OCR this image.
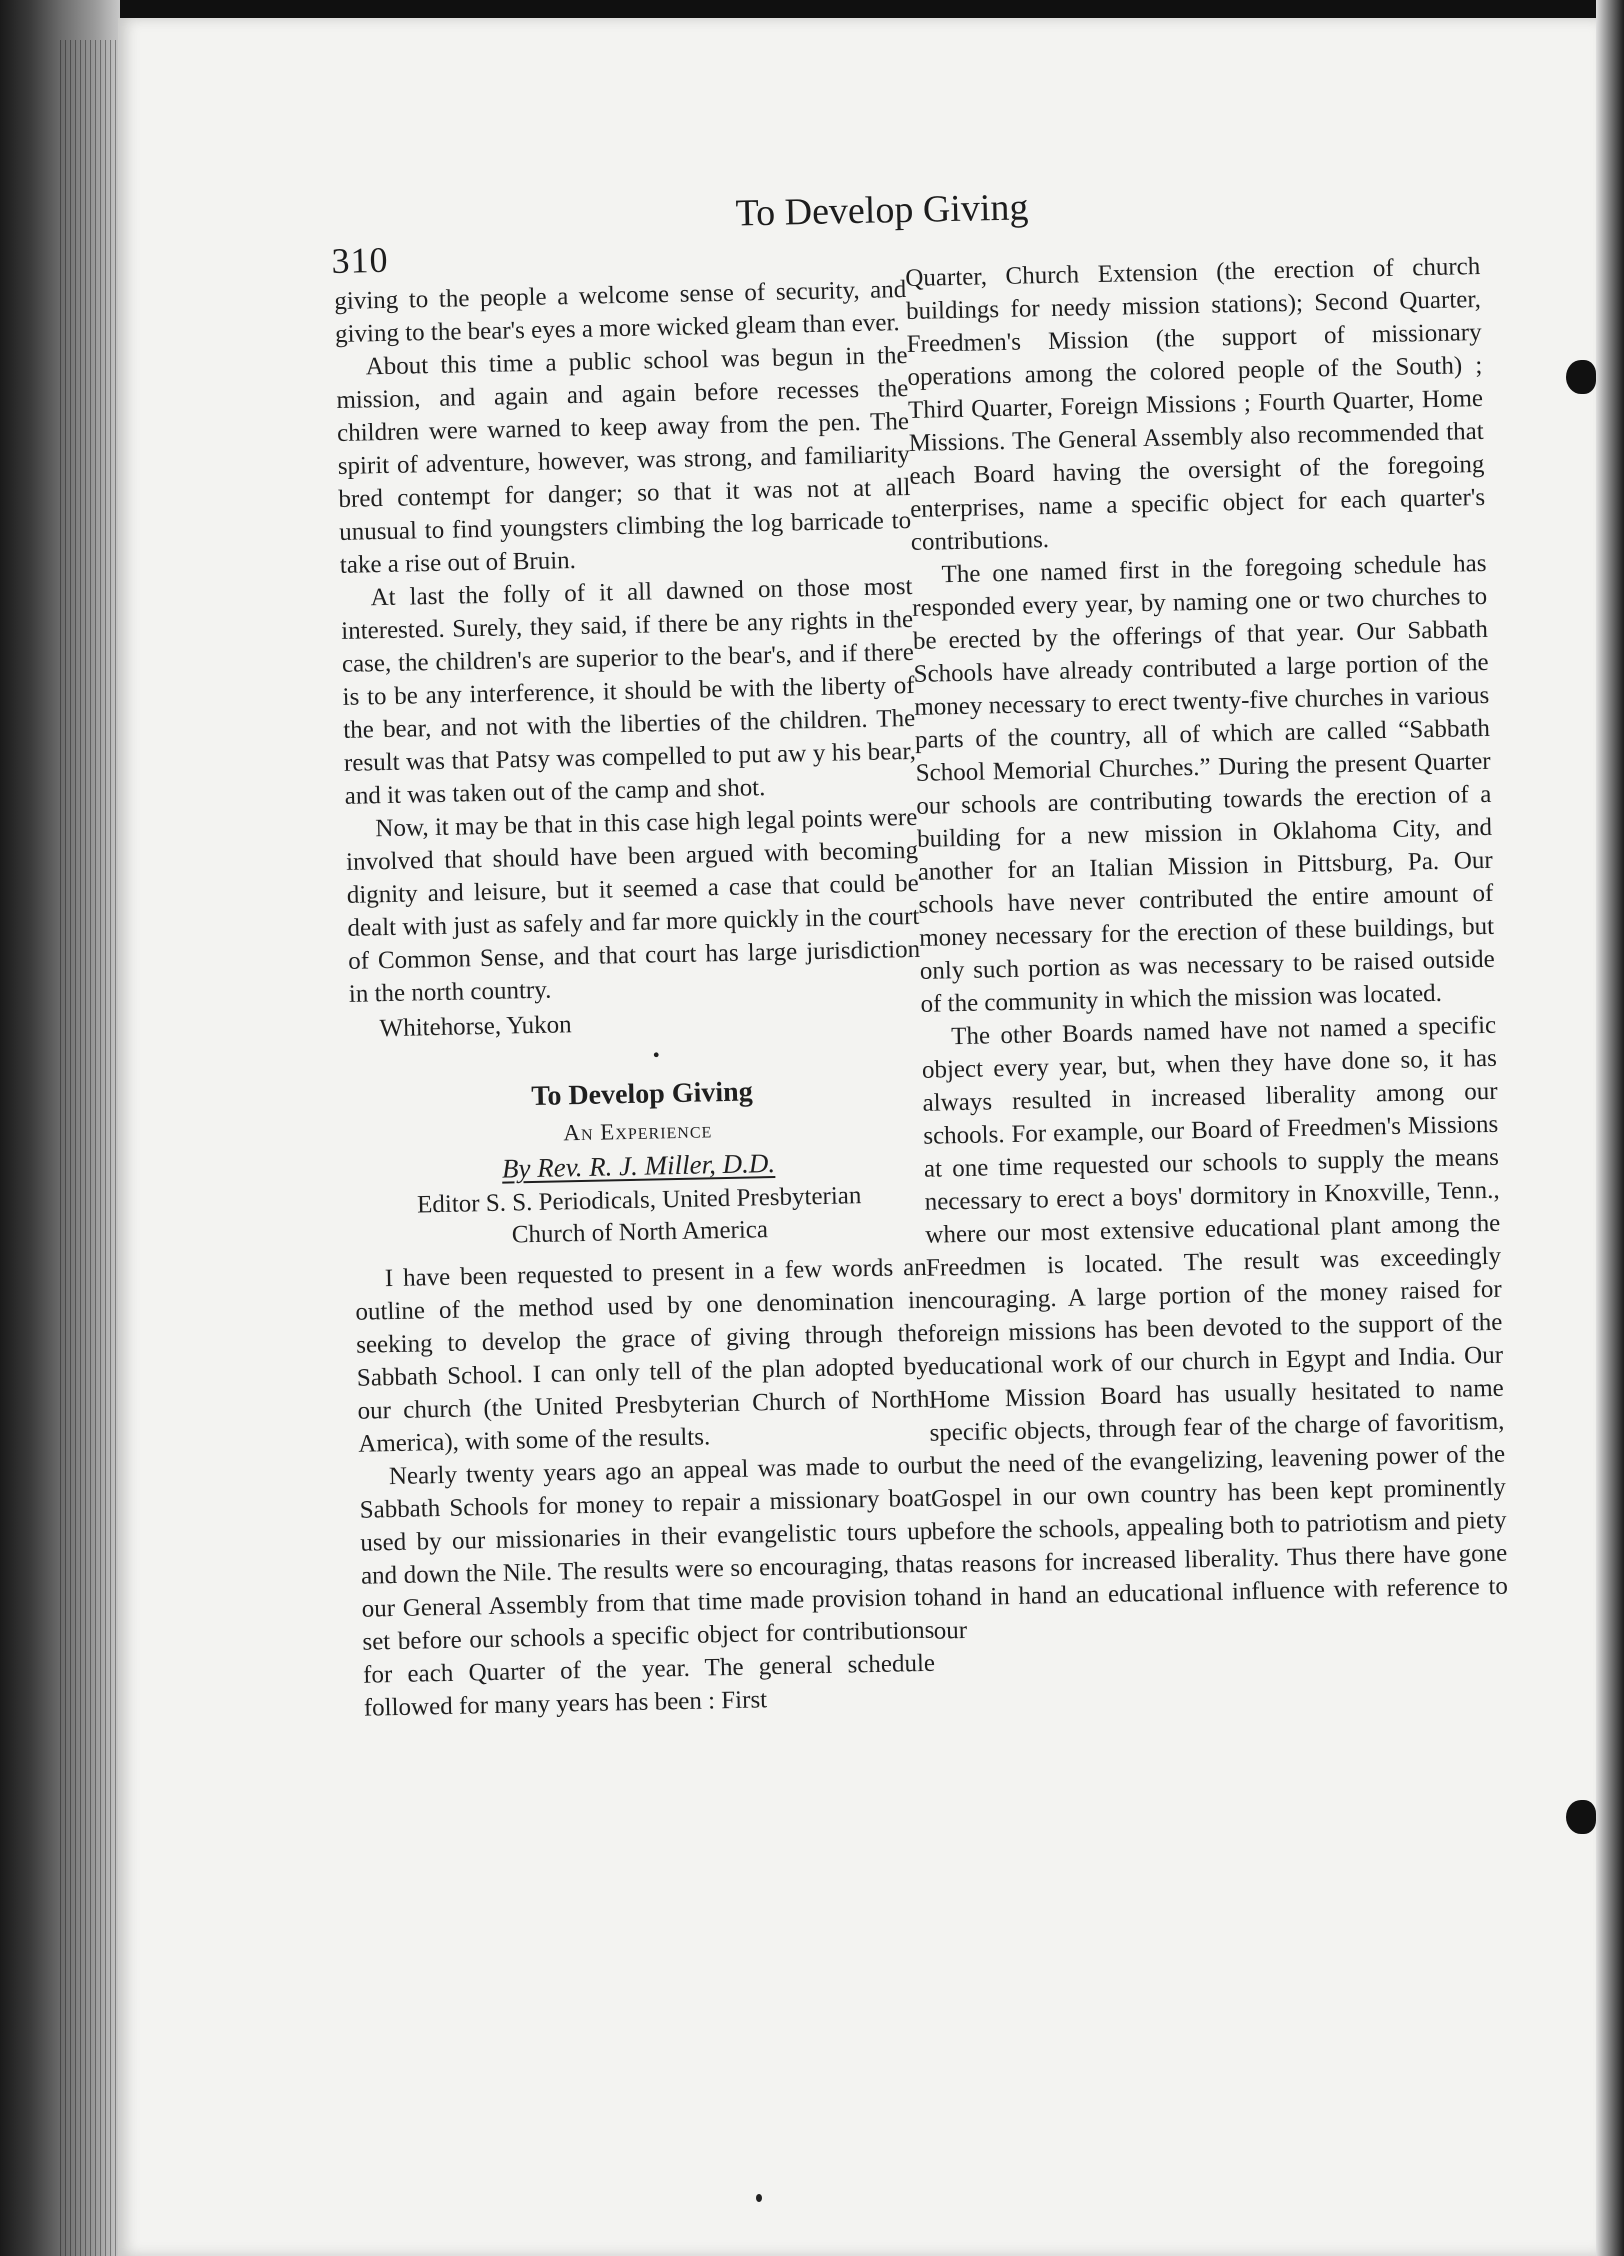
310
To Develop Giving

giving to the people a welcome sense of security, and giving to the bear's eyes a more wicked gleam than ever.

About this time a public school was begun in the mission, and again and again before recesses the children were warned to keep away from the pen. The spirit of adventure, however, was strong, and familiarity bred contempt for danger; so that it was not at all unusual to find youngsters climbing the log barricade to take a rise out of Bruin.

At last the folly of it all dawned on those most interested. Surely, they said, if there be any rights in the case, the children's are superior to the bear's, and if there is to be any interference, it should be with the liberty of the bear, and not with the liberties of the children. The result was that Patsy was compelled to put aw y his bear, and it was taken out of the camp and shot.

Now, it may be that in this case high legal points were involved that should have been argued with becoming dignity and leisure, but it seemed a case that could be dealt with just as safely and far more quickly in the court of Common Sense, and that court has large jurisdiction in the north country.

Whitehorse, Yukon
•
To Develop Giving
An Experience
By Rev. R. J. Miller, D.D.
Editor S. S. Periodicals, United Presbyterian
Church of North America

I have been requested to present in a few words an outline of the method used by one denomination in seeking to develop the grace of giving through the Sabbath School. I can only tell of the plan adopted by our church (the United Presbyterian Church of North America), with some of the results.

Nearly twenty years ago an appeal was made to our Sabbath Schools for money to repair a missionary boat used by our missionaries in their evangelistic tours up and down the Nile. The results were so encouraging, that our General Assembly from that time made provision to set before our schools a specific object for contributions for each Quarter of the year. The general schedule followed for many years has been : First

Quarter, Church Extension (the erection of church buildings for needy mission stations); Second Quarter, Freedmen's Mission (the support of missionary operations among the colored people of the South) ; Third Quarter, Foreign Missions ; Fourth Quarter, Home Missions. The General Assembly also recommended that each Board having the oversight of the foregoing enterprises, name a specific object for each quarter's contributions.

The one named first in the foregoing schedule has responded every year, by naming one or two churches to be erected by the offerings of that year. Our Sabbath Schools have already contributed a large portion of the money necessary to erect twenty-five churches in various parts of the country, all of which are called “Sabbath School Memorial Churches.” During the present Quarter our schools are contributing towards the erection of a building for a new mission in Oklahoma City, and another for an Italian Mission in Pittsburg, Pa. Our schools have never contributed the entire amount of money necessary for the erection of these buildings, but only such portion as was necessary to be raised outside of the community in which the mission was located.

The other Boards named have not named a specific object every year, but, when they have done so, it has always resulted in increased liberality among our schools. For example, our Board of Freedmen's Missions at one time requested our schools to supply the means necessary to erect a boys' dormitory in Knoxville, Tenn., where our most extensive educational plant among the Freedmen is located. The result was exceedingly encouraging. A large portion of the money raised for foreign missions has been devoted to the support of the educational work of our church in Egypt and India. Our Home Mission Board has usually hesitated to name specific objects, through fear of the charge of favoritism, but the need of the evangelizing, leavening power of the Gospel in our own country has been kept prominently before the schools, appealing both to patriotism and piety as reasons for increased liberality. Thus there have gone hand in hand an educational influence with reference to our
